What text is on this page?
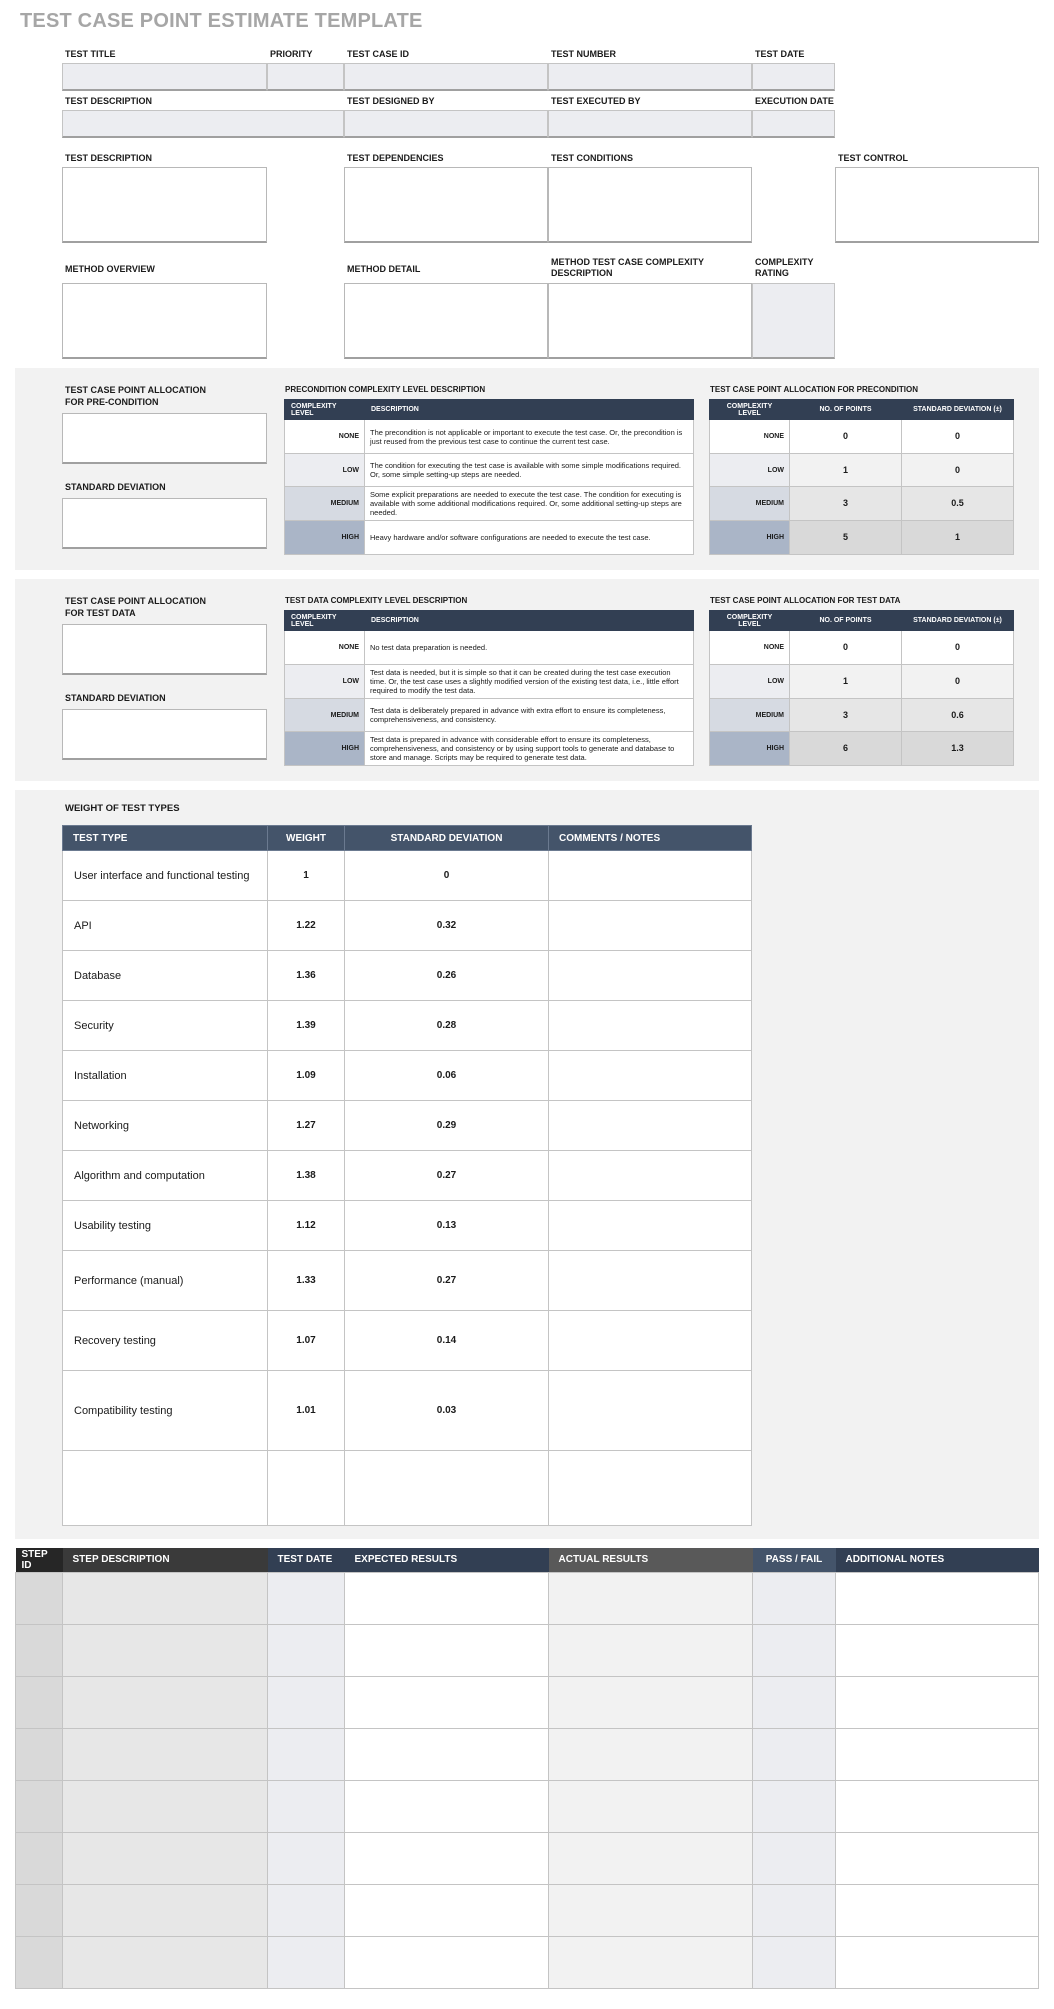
TEST CASE POINT ESTIMATE TEMPLATE
TEST TITLE	PRIORITY	TEST CASE ID	TEST NUMBER	TEST DATE
TEST DESCRIPTION	TEST DESIGNED BY	TEST EXECUTED BY	EXECUTION DATE
TEST DESCRIPTION	TEST DEPENDENCIES	TEST CONDITIONS	TEST CONTROL
METHOD OVERVIEW	METHOD DETAIL
METHOD TEST CASE COMPLEXITY DESCRIPTION
COMPLEXITY RATING
TEST CASE POINT ALLOCATION
FOR PRE-CONDITION
STANDARD DEVIATION
PRECONDITION COMPLEXITY LEVEL DESCRIPTION
COMPLEXITY LEVEL	DESCRIPTION
NONE	The precondition is not applicable or important to execute the test case. Or, the precondition is just reused from the previous test case to continue the current test case.
LOW	The condition for executing the test case is available with some simple modifications required. Or, some simple setting-up steps are needed.
MEDIUM	Some explicit preparations are needed to execute the test case. The condition for executing is available with some additional modifications required. Or, some additional setting-up steps are needed.
HIGH	Heavy hardware and/or software configurations are needed to execute the test case.
TEST CASE POINT ALLOCATION FOR PRECONDITION
COMPLEXITY LEVEL	NO. OF POINTS	STANDARD DEVIATION (±)
NONE	0	0
LOW	1	0
MEDIUM	3	0.5
HIGH	5	1
TEST CASE POINT ALLOCATION
FOR TEST DATA
STANDARD DEVIATION
TEST DATA COMPLEXITY LEVEL DESCRIPTION
COMPLEXITY LEVEL	DESCRIPTION
NONE	No test data preparation is needed.
LOW	Test data is needed, but it is simple so that it can be created during the test case execution time. Or, the test case uses a slightly modified version of the existing test data, i.e., little effort required to modify the test data.
MEDIUM	Test data is deliberately prepared in advance with extra effort to ensure its completeness, comprehensiveness, and consistency.
HIGH	Test data is prepared in advance with considerable effort to ensure its completeness, comprehensiveness, and consistency or by using support tools to generate and database to store and manage. Scripts may be required to generate test data.
TEST CASE POINT ALLOCATION FOR TEST DATA
COMPLEXITY LEVEL	NO. OF POINTS	STANDARD DEVIATION (±)
NONE	0	0
LOW	1	0
MEDIUM	3	0.6
HIGH	6	1.3
WEIGHT OF TEST TYPES
TEST TYPE	WEIGHT	STANDARD DEVIATION	COMMENTS / NOTES
User interface and functional testing	1	0	
API	1.22	0.32	
Database	1.36	0.26	
Security	1.39	0.28	
Installation	1.09	0.06	
Networking	1.27	0.29	
Algorithm and computation	1.38	0.27	
Usability testing	1.12	0.13	
Performance (manual)	1.33	0.27	
Recovery testing	1.07	0.14	
Compatibility testing	1.01	0.03	

STEP ID	STEP DESCRIPTION	TEST DATE	EXPECTED RESULTS	ACTUAL RESULTS	PASS / FAIL	ADDITIONAL NOTES
